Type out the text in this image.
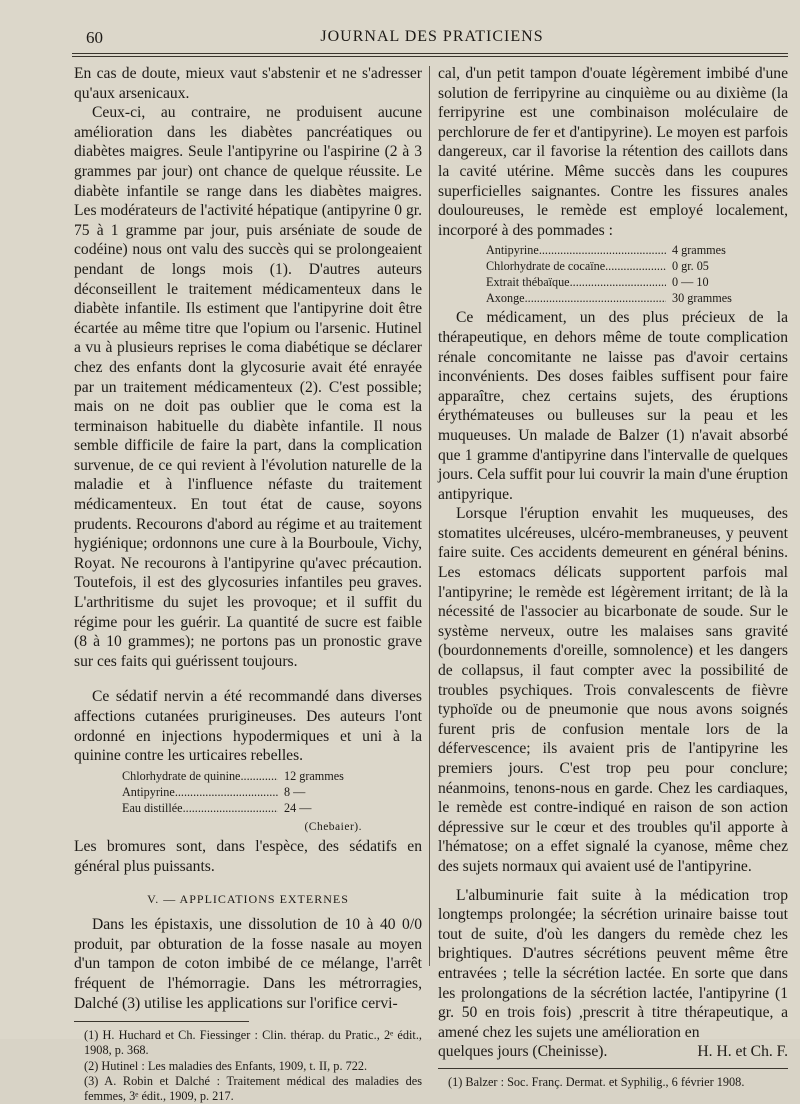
60	JOURNAL DES PRATICIENS

En cas de doute, mieux vaut s'abstenir et ne s'adresser qu'aux arsenicaux.

Ceux-ci, au contraire, ne produisent aucune amélioration dans les diabètes pancréatiques ou diabètes maigres. Seule l'antipyrine ou l'aspirine (2 à 3 grammes par jour) ont chance de quelque réussite. Le diabète infantile se range dans les diabètes maigres. Les modérateurs de l'activité hépatique (antipyrine 0 gr. 75 à 1 gramme par jour, puis arséniate de soude de codéine) nous ont valu des succès qui se prolongeaient pendant de longs mois (1). D'autres auteurs déconseillent le traitement médicamenteux dans le diabète infantile. Ils estiment que l'antipyrine doit être écartée au même titre que l'opium ou l'arsenic. Hutinel a vu à plusieurs reprises le coma diabétique se déclarer chez des enfants dont la glycosurie avait été enrayée par un traitement médicamenteux (2). C'est possible; mais on ne doit pas oublier que le coma est la terminaison habituelle du diabète infantile. Il nous semble difficile de faire la part, dans la complication survenue, de ce qui revient à l'évolution naturelle de la maladie et à l'influence néfaste du traitement médicamenteux. En tout état de cause, soyons prudents. Recourons d'abord au régime et au traitement hygiénique; ordonnons une cure à la Bourboule, Vichy, Royat. Ne recourons à l'antipyrine qu'avec précaution. Toutefois, il est des glycosuries infantiles peu graves. L'arthritisme du sujet les provoque; et il suffit du régime pour les guérir. La quantité de sucre est faible (8 à 10 grammes); ne portons pas un pronostic grave sur ces faits qui guérissent toujours.

Ce sédatif nervin a été recommandé dans diverses affections cutanées prurigineuses. Des auteurs l'ont ordonné en injections hypodermiques et uni à la quinine contre les urticaires rebelles.

Chlorhydrate de quinine .....	12 grammes
Antipyrine .....	8 —
Eau distillée .....	24 —
(Chebaier).

Les bromures sont, dans l'espèce, des sédatifs en général plus puissants.

V. — APPLICATIONS EXTERNES

Dans les épistaxis, une dissolution de 10 à 40 0/0 produit, par obturation de la fosse nasale au moyen d'un tampon de coton imbibé de ce mélange, l'arrêt fréquent de l'hémorragie. Dans les métrorragies, Dalché (3) utilise les applications sur l'orifice cervi-

(1) H. Huchard et Ch. Fiessinger : Clin. thérap. du Pratic., 2ᵉ édit., 1908, p. 368.

(2) Hutinel : Les maladies des Enfants, 1909, t. II, p. 722.

(3) A. Robin et Dalché : Traitement médical des maladies des femmes, 3ᵉ édit., 1909, p. 217.

cal, d'un petit tampon d'ouate légèrement imbibé d'une solution de ferripyrine au cinquième ou au dixième (la ferripyrine est une combinaison moléculaire de perchlorure de fer et d'antipyrine). Le moyen est parfois dangereux, car il favorise la rétention des caillots dans la cavité utérine. Même succès dans les coupures superficielles saignantes. Contre les fissures anales douloureuses, le remède est employé localement, incorporé à des pommades :

Antipyrine .....	4 grammes
Chlorhydrate de cocaïne .....	0 gr. 05
Extrait thébaïque .....	0 — 10
Axonge .....	30 grammes

Ce médicament, un des plus précieux de la thérapeutique, en dehors même de toute complication rénale concomitante ne laisse pas d'avoir certains inconvénients. Des doses faibles suffisent pour faire apparaître, chez certains sujets, des éruptions érythémateuses ou bulleuses sur la peau et les muqueuses. Un malade de Balzer (1) n'avait absorbé que 1 gramme d'antipyrine dans l'intervalle de quelques jours. Cela suffit pour lui couvrir la main d'une éruption antipyrique.

Lorsque l'éruption envahit les muqueuses, des stomatites ulcéreuses, ulcéro-membraneuses, y peuvent faire suite. Ces accidents demeurent en général bénins. Les estomacs délicats supportent parfois mal l'antipyrine; le remède est légèrement irritant; de là la nécessité de l'associer au bicarbonate de soude. Sur le système nerveux, outre les malaises sans gravité (bourdonnements d'oreille, somnolence) et les dangers de collapsus, il faut compter avec la possibilité de troubles psychiques. Trois convalescents de fièvre typhoïde ou de pneumonie que nous avons soignés furent pris de confusion mentale lors de la défervescence; ils avaient pris de l'antipyrine les premiers jours. C'est trop peu pour conclure; néanmoins, tenons-nous en garde. Chez les cardiaques, le remède est contre-indiqué en raison de son action dépressive sur le cœur et des troubles qu'il apporte à l'hématose; on a effet signalé la cyanose, même chez des sujets normaux qui avaient usé de l'antipyrine.

L'albuminurie fait suite à la médication trop longtemps prolongée; la sécrétion urinaire baisse tout tout de suite, d'où les dangers du remède chez les brightiques. D'autres sécrétions peuvent même être entravées ; telle la sécrétion lactée. En sorte que dans les prolongations de la sécrétion lactée, l'antipyrine (1 gr. 50 en trois fois) ,prescrit à titre thérapeutique, a amené chez les sujets une amélioration en

quelques jours (Cheinisse).	H. H. et Ch. F.

(1) Balzer : Soc. Franç. Dermat. et Syphilig., 6 février 1908.
